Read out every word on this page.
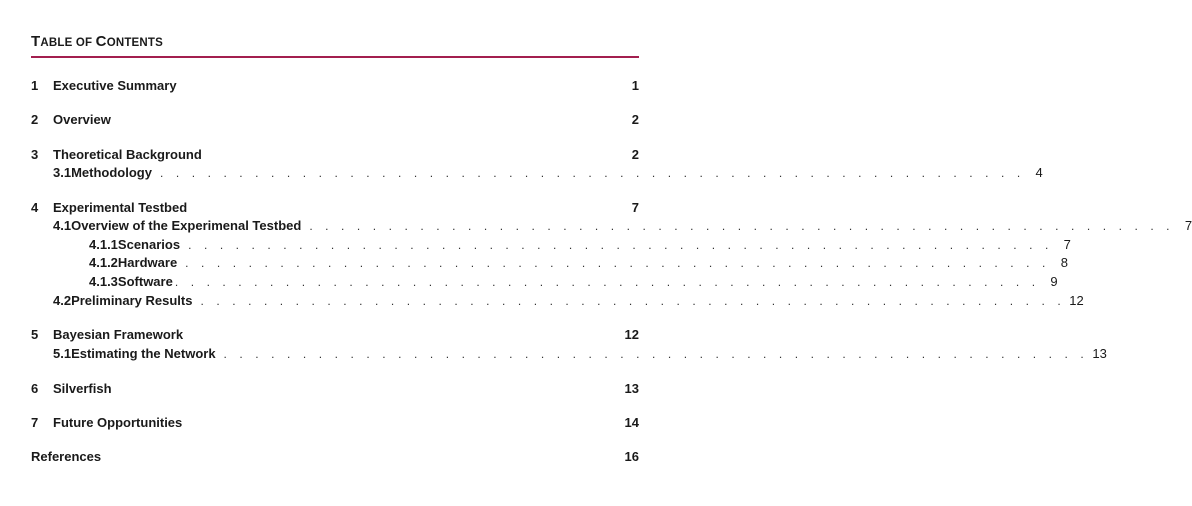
TABLE OF CONTENTS
1	Executive Summary	1
2	Overview	2
3	Theoretical Background	2
3.1 Methodology . . . . . . . . . . . . . . . . . . . . . . . . . . . . . . . . . . . . . . . . . . . . . . . . . . . . . . . 4
4	Experimental Testbed	7
4.1 Overview of the Experimenal Testbed . . . . . . . . . . . . . . . . . . . . . . . . . . . . . . . . . . . . . . . . . . . . . . . . . . . . . . . 7
4.1.1 Scenarios . . . . . . . . . . . . . . . . . . . . . . . . . . . . . . . . . . . . . . . . . . . . . . . . . . . . . . . 7
4.1.2 Hardware . . . . . . . . . . . . . . . . . . . . . . . . . . . . . . . . . . . . . . . . . . . . . . . . . . . . . . . 8
4.1.3 Software . . . . . . . . . . . . . . . . . . . . . . . . . . . . . . . . . . . . . . . . . . . . . . . . . . . . . . . 9
4.2 Preliminary Results . . . . . . . . . . . . . . . . . . . . . . . . . . . . . . . . . . . . . . . . . . . . . . . . . . . . . . . 12
5	Bayesian Framework	12
5.1 Estimating the Network . . . . . . . . . . . . . . . . . . . . . . . . . . . . . . . . . . . . . . . . . . . . . . . . . . . . . . . 13
6	Silverfish	13
7	Future Opportunities	14
References	16
